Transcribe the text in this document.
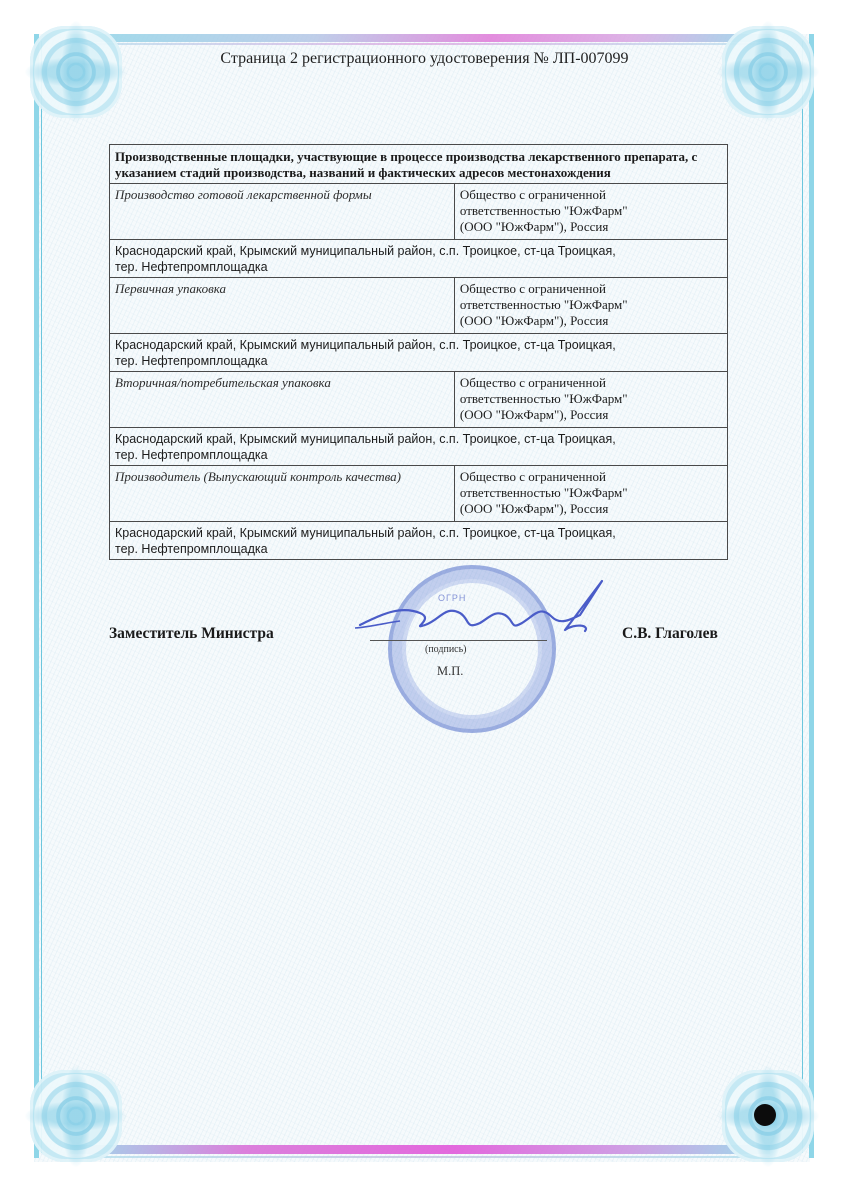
Страница 2 регистрационного удостоверения № ЛП-007099
Производственные площадки, участвующие в процессе производства лекарственного препарата, с указанием стадий производства, названий и фактических адресов местонахождения	
Производство готовой лекарственной формы	Общество с ограниченной
ответственностью "ЮжФарм"
(ООО "ЮжФарм"), Россия

Краснодарский край, Крымский муниципальный район, с.п. Троицкое, ст-ца Троицкая,
тер. Нефтепромплощадка	

Первичная упаковка	Общество с ограниченной
ответственностью "ЮжФарм"
(ООО "ЮжФарм"), Россия

Краснодарский край, Крымский муниципальный район, с.п. Троицкое, ст-ца Троицкая,
тер. Нефтепромплощадка	

Вторичная/потребительская упаковка	Общество с ограниченной
ответственностью "ЮжФарм"
(ООО "ЮжФарм"), Россия

Краснодарский край, Крымский муниципальный район, с.п. Троицкое, ст-ца Троицкая,
тер. Нефтепромплощадка	

Производитель (Выпускающий контроль качества)	Общество с ограниченной
ответственностью "ЮжФарм"
(ООО "ЮжФарм"), Россия

Краснодарский край, Крымский муниципальный район, с.п. Троицкое, ст-ца Троицкая,
тер. Нефтепромплощадка	
ОГРН
Заместитель Министра
(подпись)
М.П.
С.В. Глаголев
